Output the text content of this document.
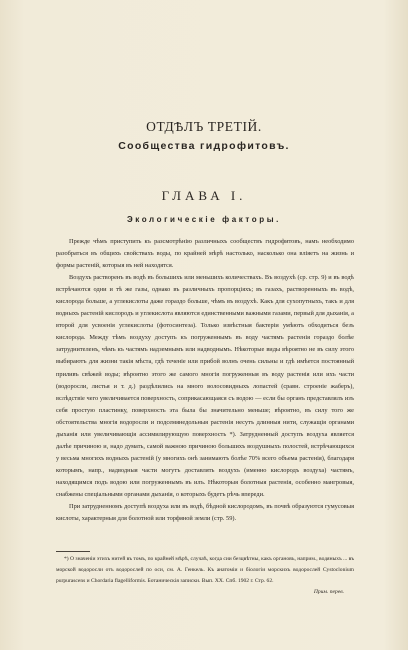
ОТДѢЛЪ ТРЕТІЙ.
Сообщества гидрофитовъ.
ГЛАВА I.
Экологическіе факторы.

Прежде чѣмъ приступить къ разсмотрѣнію различныхъ сообществъ гидрофитовъ, намъ необходимо разобраться въ общихъ свойствахъ воды, по крайней мѣрѣ настолько, насколько она вліяетъ на жизнь и формы растеній, которыя въ ней находятся.

Воздухъ растворенъ въ водѣ въ большихъ или меньшихъ количествахъ. Въ воздухѣ (ср. стр. 9) и въ водѣ встрѣчаются одни и тѣ же газы, однако въ различныхъ пропорціяхъ; въ газахъ, растворенныхъ въ водѣ, кислорода больше, а углекислоты даже гораздо больше, чѣмъ въ воздухѣ. Какъ для сухопутныхъ, такъ и для водныхъ растеній кислородъ и углекислота являются единственными важными газами, первый для дыханія, а второй для усвоенія углекислоты (фотосинтеза). Только извѣстныя бактеріи умѣютъ обходиться безъ кислорода. Между тѣмъ воздуху доступъ къ погруженнымъ въ воду частямъ растенія гораздо болѣе затруднителенъ, чѣмъ къ частямъ надземнымъ или надводнымъ. Нѣкоторые виды вѣроятно не въ силу этого выбираютъ для жизни такія мѣста, гдѣ теченіе или прибой волнъ очень сильны и гдѣ имѣется постоянный приливъ свѣжей воды; вѣроятно этого же самого многія погруженныя въ воду растенія или ихъ части (водоросли, листья и т. д.) раздѣлились на много волосовидныхъ лопастей (сравн. строеніе жаберъ), вслѣдствіе чего увеличивается поверхность, соприкасающаяся съ водою — если бы органъ представлялъ изъ себя простую пластинку, поверхность эта была бы значительно меньше; вѣроятно, въ силу того же обстоятельства многія водоросли и подсемянедольныя растенія несутъ длинныя нити, служащія органами дыханія или увеличивающія ассимилирующую поверхность *). Затрудненный доступъ воздуха является далѣе причиною и, надо думать, самой важною причиною большихъ воздушныхъ полостей, встрѣчающихся у весьма многихъ водныхъ растеній (у многихъ онѣ занимаютъ болѣе 70% всего объема растенія), благодаря которымъ, напр., надводныя части могутъ доставлять воздухъ (именно кислородъ воздуха) частямъ, находящимся подъ водою или погруженнымъ въ илъ. Нѣкоторыя болотныя растенія, особенно мангровыя, снабжены спеціальными органами дыханія, о которыхъ будетъ рѣчь впереди.

При затрудненномъ доступѣ воздуха или въ водѣ, бѣдной кислородомъ, въ почвѣ образуются гумусовыя кислоты, характерныя для болотной или торфяной земли (стр. 59).

*) О значеніи этихъ нитей въ томъ, по крайней мѣрѣ, случаѣ, когда сии безцвѣтны, какъ органовъ, наприм., водяныхъ ... въ морской водоросли отъ водорослей по оси, см. A. Генкель. Къ анатоміи и біологіи морскихъ водорослей Cystoclonium purpurascens и Chordaria flagelliformis. Ботаническія записки. Вып. XX. Спб. 1902 г. Стр. 62.

Прим. перев.
